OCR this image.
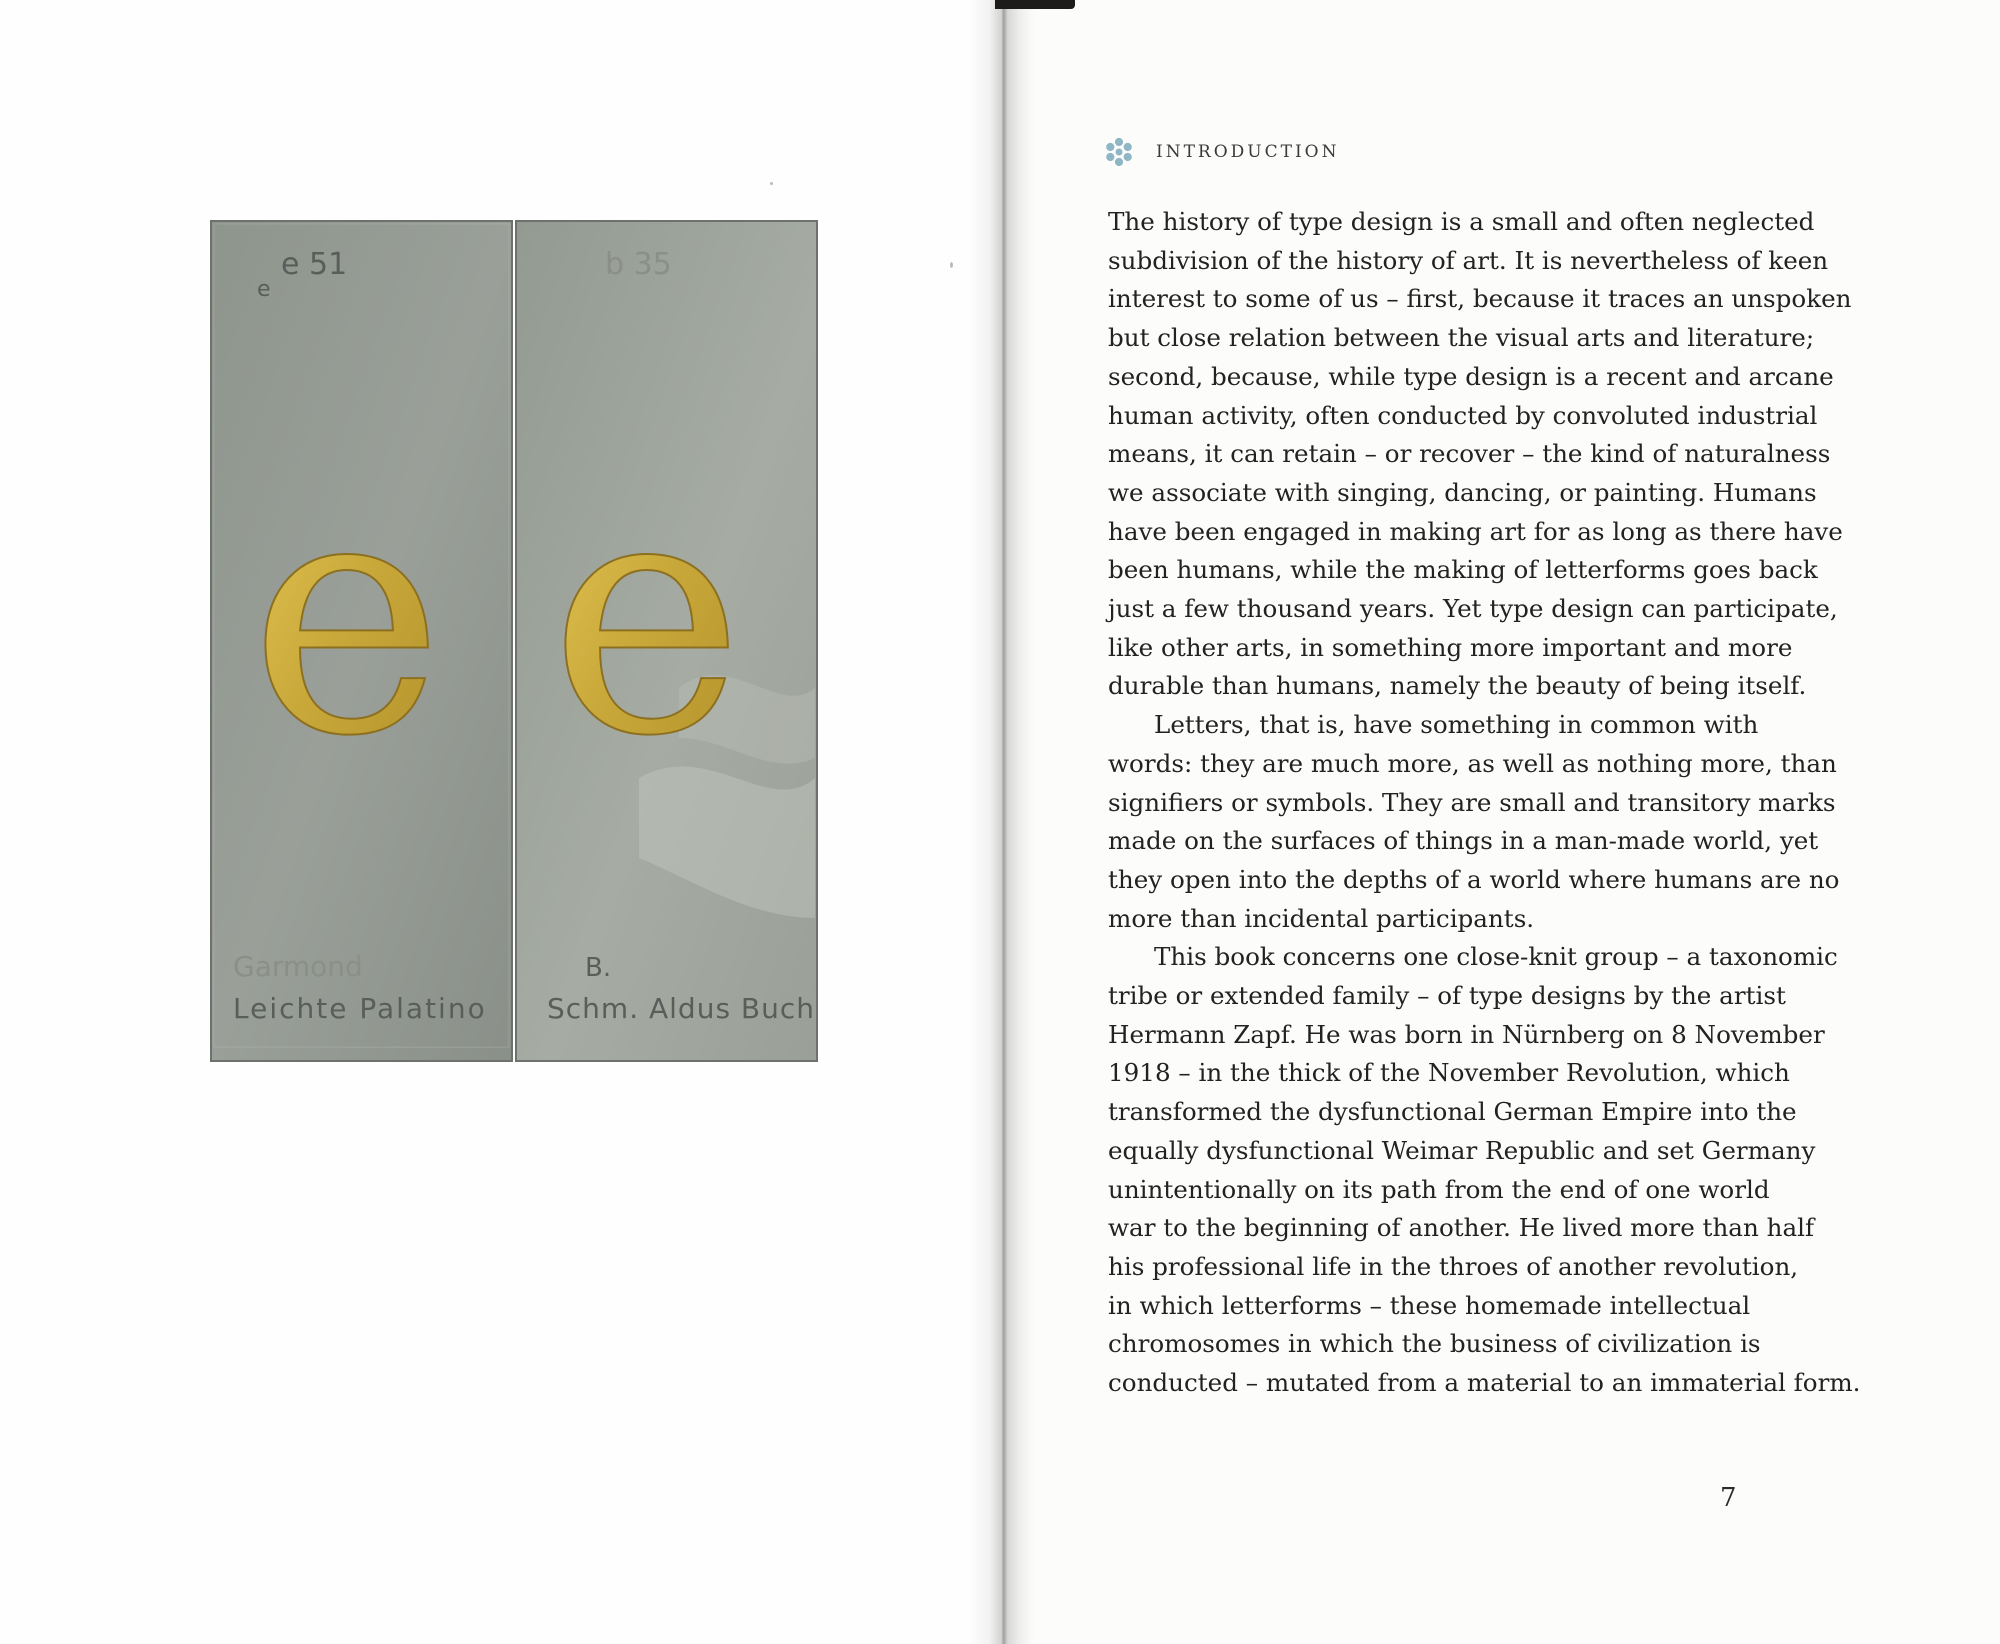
e
e 51
e
Garmond
Leichte Palatino
b 35
e
B.
Schm. Aldus Buch
INTRODUCTION
The history of type design is a small and often neglected
subdivision of the history of art. It is nevertheless of keen
interest to some of us – first, because it traces an unspoken
but close relation between the visual arts and literature;
second, because, while type design is a recent and arcane
human activity, often conducted by convoluted industrial
means, it can retain – or recover – the kind of naturalness
we associate with singing, dancing, or painting. Humans
have been engaged in making art for as long as there have
been humans, while the making of letterforms goes back
just a few thousand years. Yet type design can participate,
like other arts, in something more important and more
durable than humans, namely the beauty of being itself.
Letters, that is, have something in common with
words: they are much more, as well as nothing more, than
signifiers or symbols. They are small and transitory marks
made on the surfaces of things in a man-made world, yet
they open into the depths of a world where humans are no
more than incidental participants.
This book concerns one close-knit group – a taxonomic
tribe or extended family – of type designs by the artist
Hermann Zapf. He was born in Nürnberg on 8 November
1918 – in the thick of the November Revolution, which
transformed the dysfunctional German Empire into the
equally dysfunctional Weimar Republic and set Germany
unintentionally on its path from the end of one world
war to the beginning of another. He lived more than half
his professional life in the throes of another revolution,
in which letterforms – these homemade intellectual
chromosomes in which the business of civilization is
conducted – mutated from a material to an immaterial form.
7
